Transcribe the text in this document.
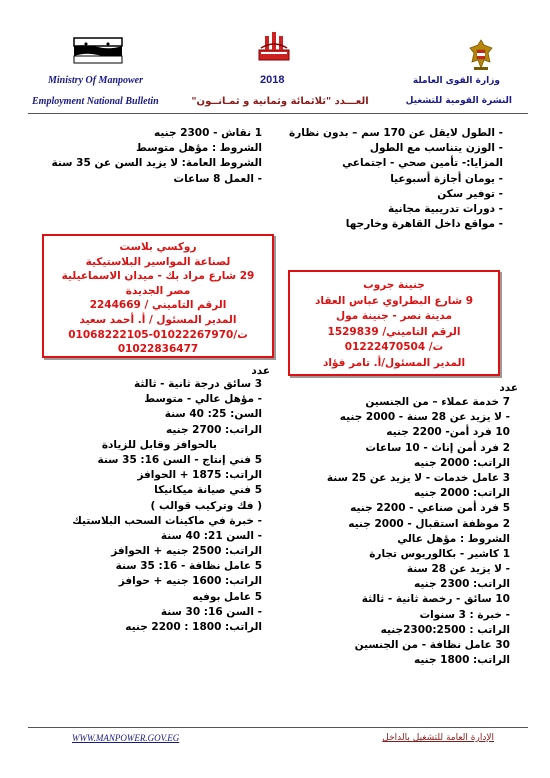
Ministry Of Manpower	2018	وزارة القوى العاملة
Employment National Bulletin	العـــدد "ثلاثمائة وثمانية و ثمـانــون"	النشرة القومية للتشغيل
- الطول لايقل عن 170 سم – بدون نظارة
- الوزن يتناسب مع الطول
المزايا:- تأمين صحي - اجتماعي
- يومان أجازة أسبوعيا
- توفير سكن
- دورات تدريبية مجانية
- مواقع داخل القاهرة وخارجها
1 نقاش - 2300 جنيه
الشروط : مؤهل متوسط
الشروط العامة: لا يزيد السن عن 35 سنة
- العمل 8 ساعات
روكسي بلاست
لصناعة المواسير البلاستيكية
29 شارع مراد بك - ميدان الاسماعيلية
مصر الجديدة
الرقم التاميني / 2244669
المدير المسئول / أ. أحمد سعيد
ت/01022267970-01068222105
01022836477
جنينة جروب
9 شارع البطراوي عباس العقاد
مدينة نصر - جنينة مول
الرقم التاميني/ 1529839
ت/ 01222470504
المدير المسئول/أ. تامر فؤاد
عدد
عدد
3 سائق درجة ثانية - ثالثة
- مؤهل عالي - متوسط
السن: 25: 40 سنة
الراتب: 2700 جنيه
بالحوافز وقابل للزيادة
5 فني إنتاج - السن 16: 35 سنة
الراتب: 1875 + الحوافز
5 فني صيانة ميكانيكا
( فك وتركيب قوالب )
- خبرة في ماكينات السحب البلاستيك
- السن 21: 40 سنة
الراتب: 2500 جنيه + الحوافز
5 عامل نظافة - 16: 35 سنة
الراتب: 1600 جنيه + حوافز
5 عامل بوفيه
- السن 16: 30 سنة
الراتب: 1800 : 2200 جنيه
7 خدمة عملاء – من الجنسين
- لا يزيد عن 28 سنة - 2000 جنيه
10 فرد أمن- 2200 جنيه
2 فرد أمن إناث - 10 ساعات
الراتب: 2000 جنيه
3 عامل خدمات - لا يزيد عن 25 سنة
الراتب: 2000 جنيه
5 فرد أمن صناعي - 2200 جنيه
2 موظفة استقبال - 2000 جنيه
الشروط : مؤهل عالي
1 كاشير - بكالوريوس تجارة
- لا يزيد عن 28 سنة
الراتب: 2300 جنيه
10 سائق - رخصة ثانية - ثالثة
- خبرة : 3 سنوات
الراتب : 2300:2500جنيه
30 عامل نظافة - من الجنسين
الراتب: 1800 جنيه
WWW.MANPOWER.GOV.EG	الإدارة العامة للتشغيل بالداخل
